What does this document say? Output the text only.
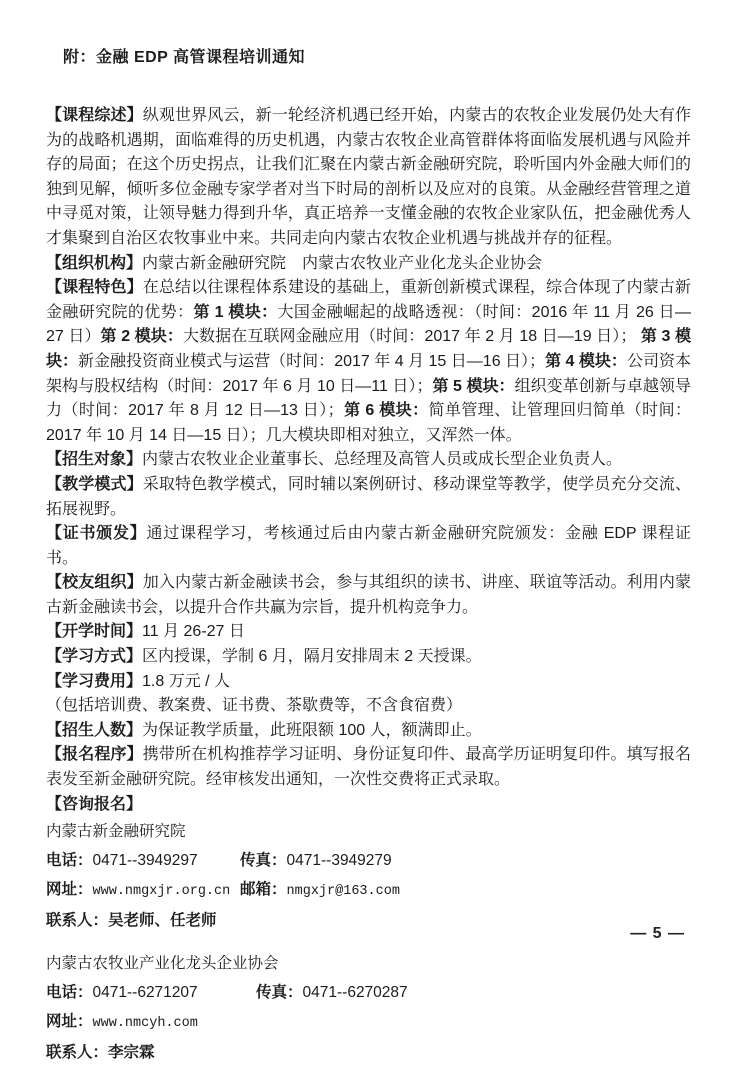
附：金融 EDP 高管课程培训通知
【课程综述】纵观世界风云，新一轮经济机遇已经开始，内蒙古的农牧企业发展仍处大有作为的战略机遇期，面临难得的历史机遇，内蒙古农牧企业高管群体将面临发展机遇与风险并存的局面；在这个历史拐点，让我们汇聚在内蒙古新金融研究院，聆听国内外金融大师们的独到见解，倾听多位金融专家学者对当下时局的剖析以及应对的良策。从金融经营管理之道中寻觅对策，让领导魅力得到升华，真正培养一支懂金融的农牧企业家队伍，把金融优秀人才集聚到自治区农牧事业中来。共同走向内蒙古农牧企业机遇与挑战并存的征程。
【组织机构】内蒙古新金融研究院　内蒙古农牧业产业化龙头企业协会
【课程特色】在总结以往课程体系建设的基础上，重新创新模式课程，综合体现了内蒙古新金融研究院的优势：第 1 模块：大国金融崛起的战略透视：（时间：2016 年 11 月 26 日—27 日）第 2 模块：大数据在互联网金融应用（时间：2017 年 2 月 18 日—19 日）； 第 3 模块：新金融投资商业模式与运营（时间：2017 年 4 月 15 日—16 日）；第 4 模块：公司资本架构与股权结构（时间：2017 年 6 月 10 日—11 日）；第 5 模块：组织变革创新与卓越领导力（时间：2017 年 8 月 12 日—13 日）；第 6 模块：简单管理、让管理回归简单（时间：2017 年 10 月 14 日—15 日）；几大模块即相对独立，又浑然一体。
【招生对象】内蒙古农牧业企业董事长、总经理及高管人员或成长型企业负责人。
【教学模式】采取特色教学模式，同时辅以案例研讨、移动课堂等教学，使学员充分交流、拓展视野。
【证书颁发】通过课程学习，考核通过后由内蒙古新金融研究院颁发：金融 EDP 课程证书。
【校友组织】加入内蒙古新金融读书会，参与其组织的读书、讲座、联谊等活动。利用内蒙古新金融读书会，以提升合作共赢为宗旨，提升机构竞争力。
【开学时间】11 月 26-27 日
【学习方式】区内授课，学制 6 月，隔月安排周末 2 天授课。
【学习费用】1.8 万元 / 人
（包括培训费、教案费、证书费、茶歇费等，不含食宿费）
【招生人数】为保证教学质量，此班限额 100 人，额满即止。
【报名程序】携带所在机构推荐学习证明、身份证复印件、最高学历证明复印件。填写报名表发至新金融研究院。经审核发出通知，一次性交费将正式录取。
【咨询报名】
内蒙古新金融研究院
电话：0471--3949297	传真：0471--3949279
网址：www.nmgxjr.org.cn 邮箱：nmgxjr@163.com
联系人：吴老师、任老师
内蒙古农牧业产业化龙头企业协会
电话：0471--6271207	传真：0471--6270287
网址：www.nmcyh.com
联系人：李宗霖
— 5 —
